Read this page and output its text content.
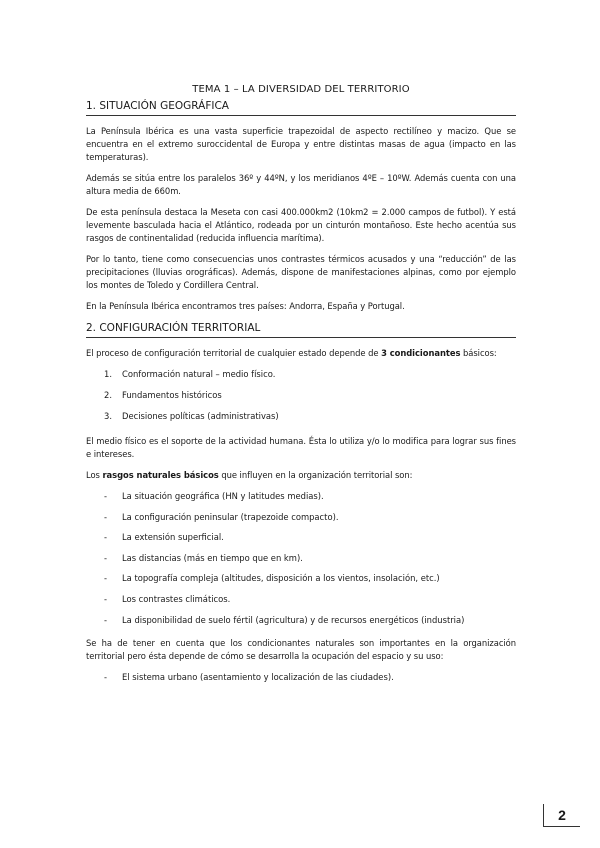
TEMA 1 – LA DIVERSIDAD DEL TERRITORIO
1. SITUACIÓN GEOGRÁFICA

La Península Ibérica es una vasta superficie trapezoidal de aspecto rectilíneo y macizo. Que se encuentra en el extremo suroccidental de Europa y entre distintas masas de agua (impacto en las temperaturas).

Además se sitúa entre los paralelos 36º y 44ºN, y los meridianos 4ºE – 10ºW. Además cuenta con una altura media de 660m.

De esta península destaca la Meseta con casi 400.000km2 (10km2 = 2.000 campos de futbol). Y está levemente basculada hacia el Atlántico, rodeada por un cinturón montañoso. Este hecho acentúa sus rasgos de continentalidad (reducida influencia marítima).

Por lo tanto, tiene como consecuencias unos contrastes térmicos acusados y una “reducción” de las precipitaciones (lluvias orográficas). Además, dispone de manifestaciones alpinas, como por ejemplo los montes de Toledo y Cordillera Central.

En la Península Ibérica encontramos tres países: Andorra, España y Portugal.

2. CONFIGURACIÓN TERRITORIAL

El proceso de configuración territorial de cualquier estado depende de 3 condicionantes básicos:

1. Conformación natural – medio físico.
2. Fundamentos históricos
3. Decisiones políticas (administrativas)

El medio físico es el soporte de la actividad humana. Ésta lo utiliza y/o lo modifica para lograr sus fines e intereses.

Los rasgos naturales básicos que influyen en la organización territorial son:

- La situación geográfica (HN y latitudes medias).
- La configuración peninsular (trapezoide compacto).
- La extensión superficial.
- Las distancias (más en tiempo que en km).
- La topografía compleja (altitudes, disposición a los vientos, insolación, etc.)
- Los contrastes climáticos.
- La disponibilidad de suelo fértil (agricultura) y de recursos energéticos (industria)

Se ha de tener en cuenta que los condicionantes naturales son importantes en la organización territorial pero ésta depende de cómo se desarrolla la ocupación del espacio y su uso:

- El sistema urbano (asentamiento y localización de las ciudades).
2
